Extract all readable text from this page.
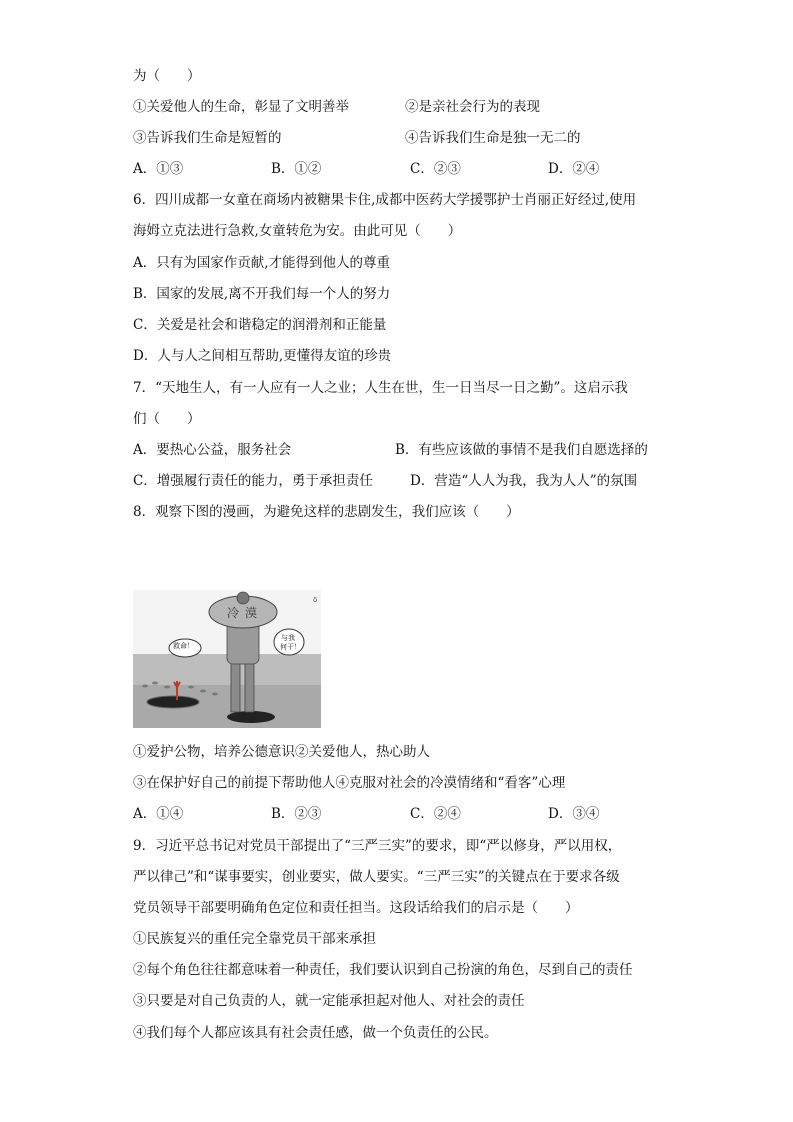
为（　　）
①关爱他人的生命，彰显了文明善举	②是亲社会行为的表现
③告诉我们生命是短暂的	④告诉我们生命是独一无二的
A．①③	B．①②	C．②③	D．②④
6．四川成都一女童在商场内被糖果卡住,成都中医药大学援鄂护士肖丽正好经过,使用
海姆立克法进行急救,女童转危为安。由此可见（　　）
A．只有为国家作贡献,才能得到他人的尊重
B．国家的发展,离不开我们每一个人的努力
C．关爱是社会和谐稳定的润滑剂和正能量
D．人与人之间相互帮助,更懂得友谊的珍贵
7．“天地生人，有一人应有一人之业；人生在世，生一日当尽一日之勤”。这启示我
们（　　）
A．要热心公益，服务社会	B．有些应该做的事情不是我们自愿选择的
C．增强履行责任的能力，勇于承担责任	D．营造“人人为我，我为人人”的氛围
8．观察下图的漫画，为避免这样的悲剧发生，我们应该（　　）
δ
救命！
与我
何干！
冷漠
①爱护公物，培养公德意识②关爱他人，热心助人
③在保护好自己的前提下帮助他人④克服对社会的冷漠情绪和“看客”心理
A．①④	B．②③	C．②④	D．③④
9．习近平总书记对党员干部提出了“三严三实”的要求，即“严以修身，严以用权，
严以律己”和“谋事要实，创业要实，做人要实。“三严三实”的关键点在于要求各级
党员领导干部要明确角色定位和责任担当。这段话给我们的启示是（　　）
①民族复兴的重任完全靠党员干部来承担
②每个角色往往都意味着一种责任，我们要认识到自己扮演的角色，尽到自己的责任
③只要是对自己负责的人，就一定能承担起对他人、对社会的责任
④我们每个人都应该具有社会责任感，做一个负责任的公民。
